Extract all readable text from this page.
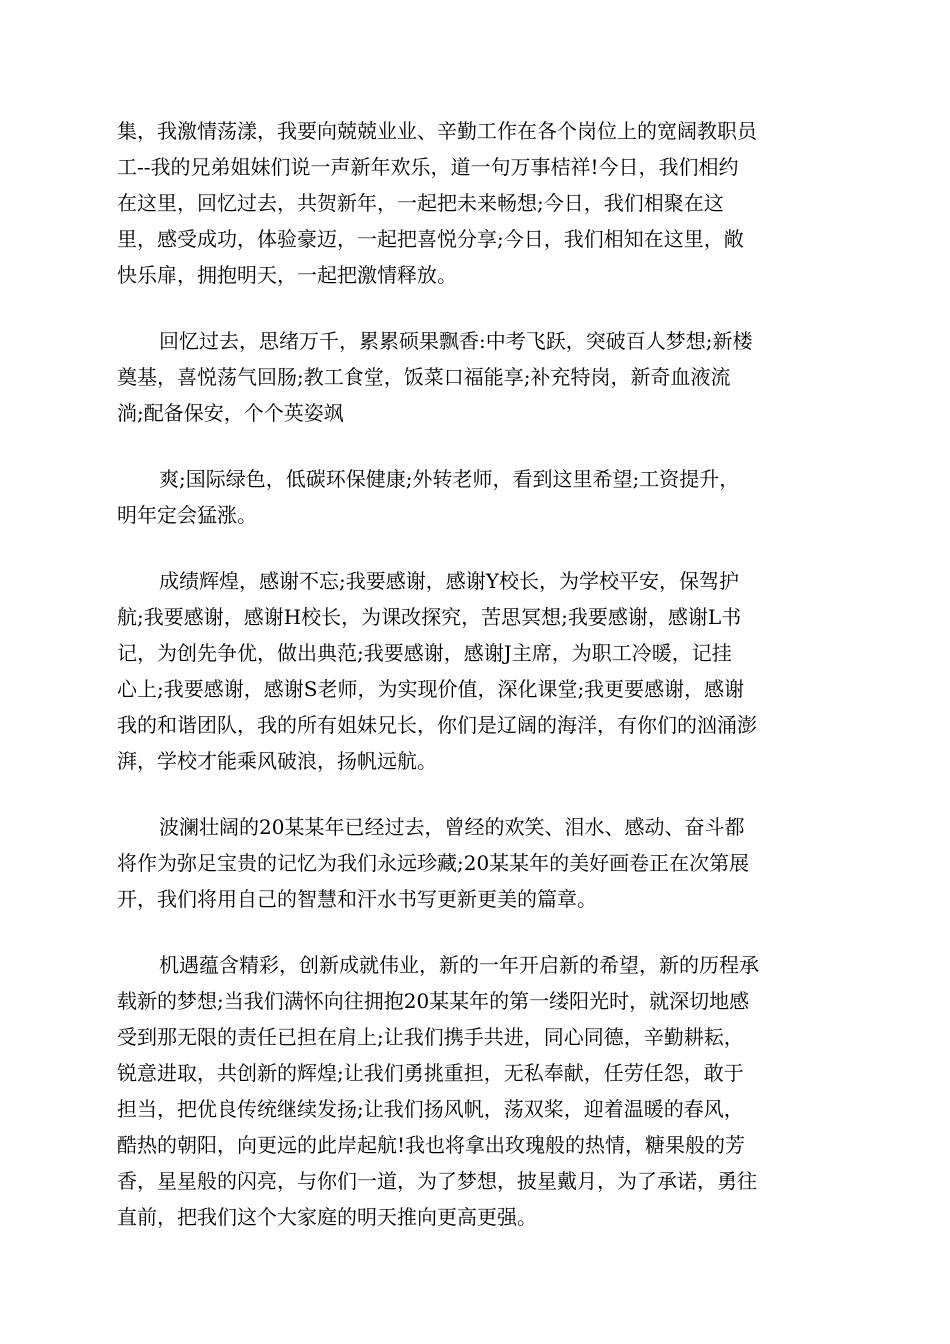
集，我激情荡漾，我要向兢兢业业、辛勤工作在各个岗位上的宽阔教职员
工--我的兄弟姐妹们说一声新年欢乐，道一句万事桔祥!今日，我们相约
在这里，回忆过去，共贺新年，一起把未来畅想;今日，我们相聚在这
里，感受成功，体验豪迈，一起把喜悦分享;今日，我们相知在这里，敞
快乐扉，拥抱明天，一起把激情释放。

回忆过去，思绪万千，累累硕果飘香:中考飞跃，突破百人梦想;新楼
奠基，喜悦荡气回肠;教工食堂，饭菜口福能享;补充特岗，新奇血液流
淌;配备保安，个个英姿飒

爽;国际绿色，低碳环保健康;外转老师，看到这里希望;工资提升，
明年定会猛涨。

成绩辉煌，感谢不忘;我要感谢，感谢Y校长，为学校平安，保驾护
航;我要感谢，感谢H校长，为课改探究，苦思冥想;我要感谢，感谢L书
记，为创先争优，做出典范;我要感谢，感谢J主席，为职工冷暖，记挂
心上;我要感谢，感谢S老师，为实现价值，深化课堂;我更要感谢，感谢
我的和谐团队，我的所有姐妹兄长，你们是辽阔的海洋，有你们的汹涌澎
湃，学校才能乘风破浪，扬帆远航。

波澜壮阔的20某某年已经过去，曾经的欢笑、泪水、感动、奋斗都
将作为弥足宝贵的记忆为我们永远珍藏;20某某年的美好画卷正在次第展
开，我们将用自己的智慧和汗水书写更新更美的篇章。

机遇蕴含精彩，创新成就伟业，新的一年开启新的希望，新的历程承
载新的梦想;当我们满怀向往拥抱20某某年的第一缕阳光时，就深切地感
受到那无限的责任已担在肩上;让我们携手共进，同心同德，辛勤耕耘，
锐意进取，共创新的辉煌;让我们勇挑重担，无私奉献，任劳任怨，敢于
担当，把优良传统继续发扬;让我们扬风帆，荡双桨，迎着温暖的春风，
酷热的朝阳，向更远的此岸起航!我也将拿出玫瑰般的热情，糖果般的芳
香，星星般的闪亮，与你们一道，为了梦想，披星戴月，为了承诺，勇往
直前，把我们这个大家庭的明天推向更高更强。
